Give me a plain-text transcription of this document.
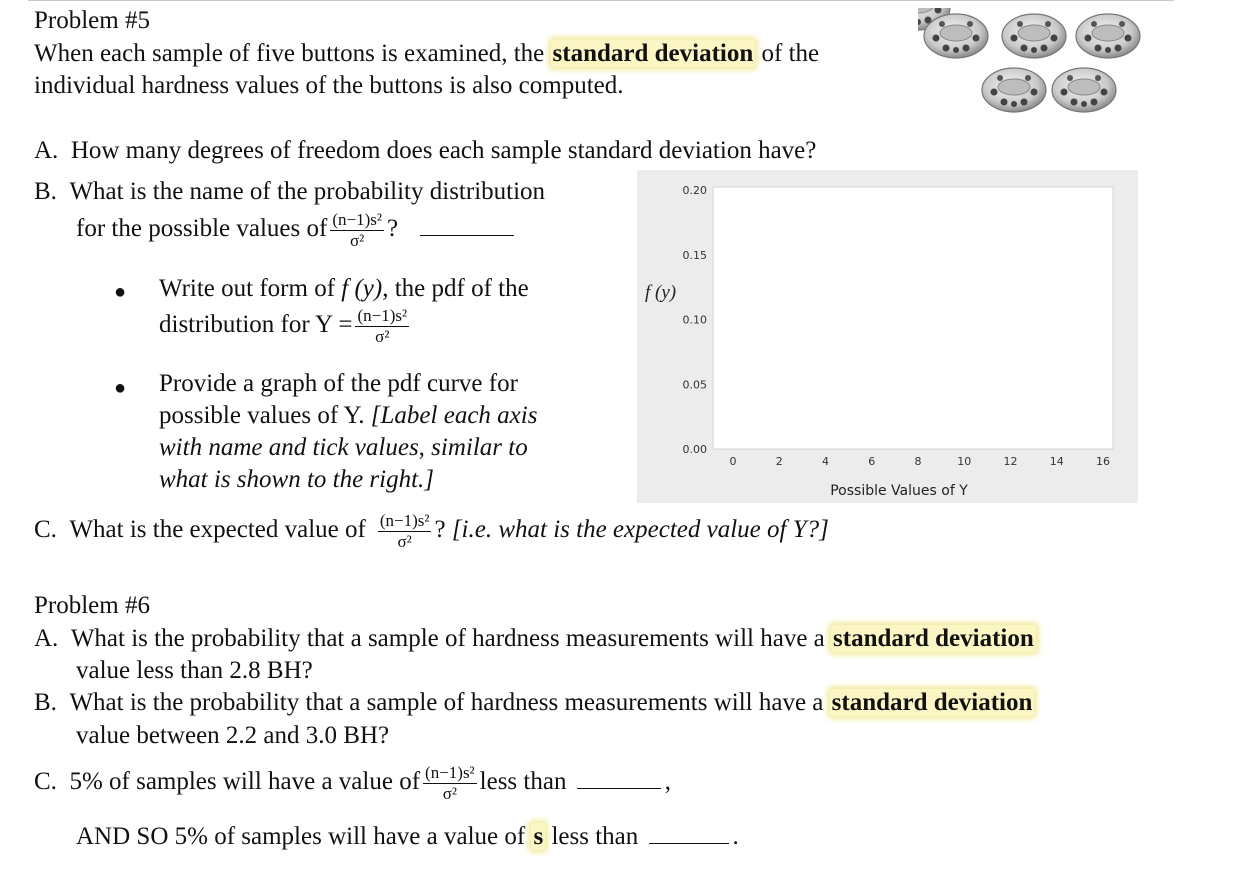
Problem #5
When each sample of five buttons is examined, the standard deviation of the
individual hardness values of the buttons is also computed.
A. How many degrees of freedom does each sample standard deviation have?
B. What is the name of the probability distribution
for the possible values of $\frac{\text{(n−1)s²}}{\text{σ²}}$ ?
● Write out form of f (y), the pdf of the
distribution for $Y = \frac{\text{(n−1)s²}}{\text{σ²}}$
● Provide a graph of the pdf curve for
possible values of Y. [Label each axis
with name and tick values, similar to
what is shown to the right.]
f (y)
Possible Values of Y
0.00
0.05
0.10
0.15
0.20
0	2	4	6	8	10	12	14	16
C. What is the expected value of $\frac{\text{(n−1)s²}}{\text{σ²}}$ ? [i.e. what is the expected value of Y?]
Problem #6
A. What is the probability that a sample of hardness measurements will have a standard deviation
value less than 2.8 BH?
B. What is the probability that a sample of hardness measurements will have a standard deviation
value between 2.2 and 3.0 BH?
C. 5% of samples will have a value of $\frac{\text{(n−1)s²}}{\text{σ²}}$ less than	,
AND SO 5% of samples will have a value of s less than	.
